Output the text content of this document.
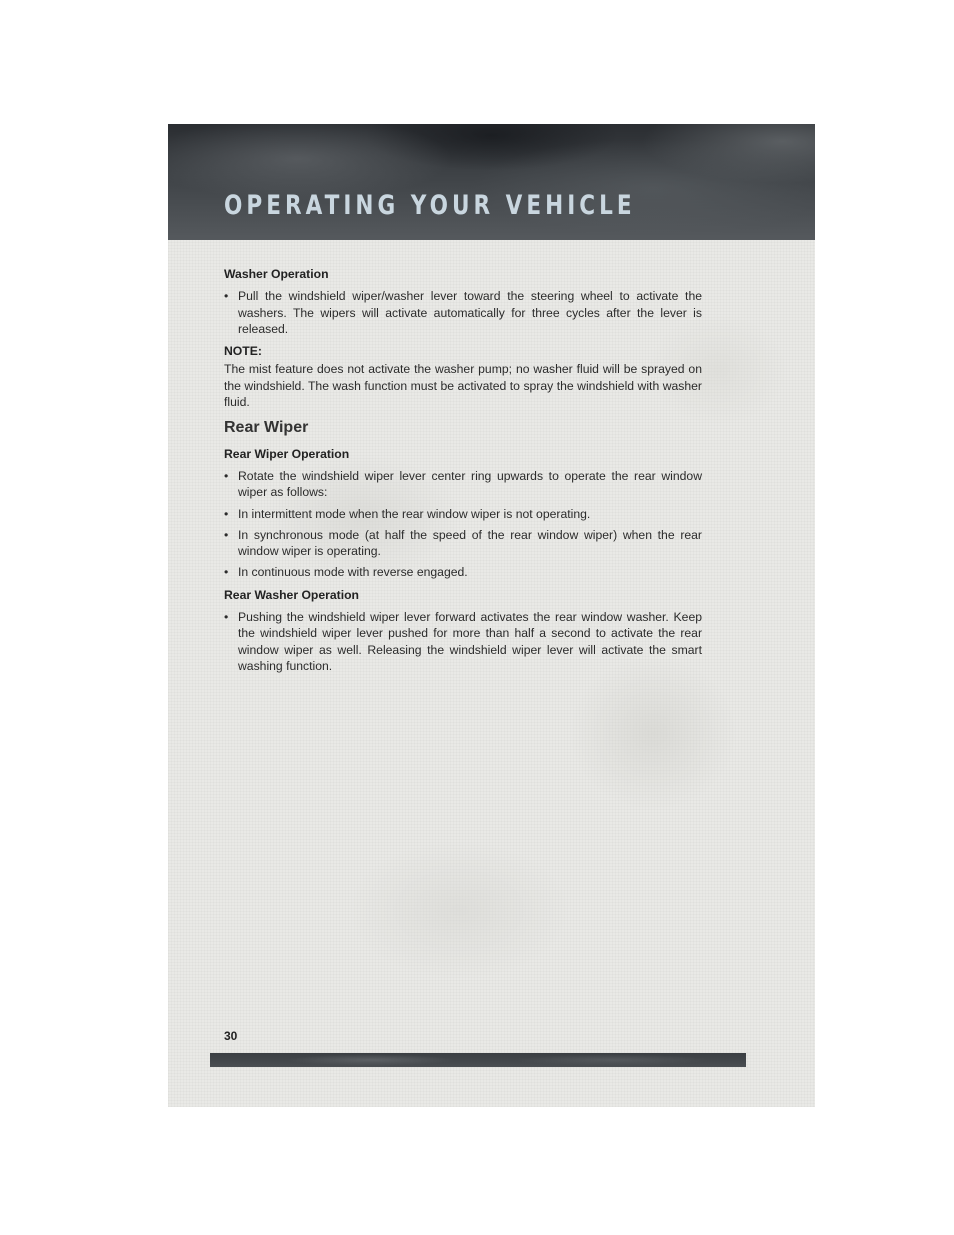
OPERATING YOUR VEHICLE
Washer Operation
• Pull the windshield wiper/washer lever toward the steering wheel to activate the washers. The wipers will activate automatically for three cycles after the lever is released.
NOTE:

The mist feature does not activate the washer pump; no washer fluid will be sprayed on the windshield. The wash function must be activated to spray the windshield with washer fluid.

Rear Wiper
Rear Wiper Operation
• Rotate the windshield wiper lever center ring upwards to operate the rear window wiper as follows:
• In intermittent mode when the rear window wiper is not operating.
• In synchronous mode (at half the speed of the rear window wiper) when the rear window wiper is operating.
• In continuous mode with reverse engaged.
Rear Washer Operation
• Pushing the windshield wiper lever forward activates the rear window washer. Keep the windshield wiper lever pushed for more than half a second to activate the rear window wiper as well. Releasing the windshield wiper lever will activate the smart washing function.
30
